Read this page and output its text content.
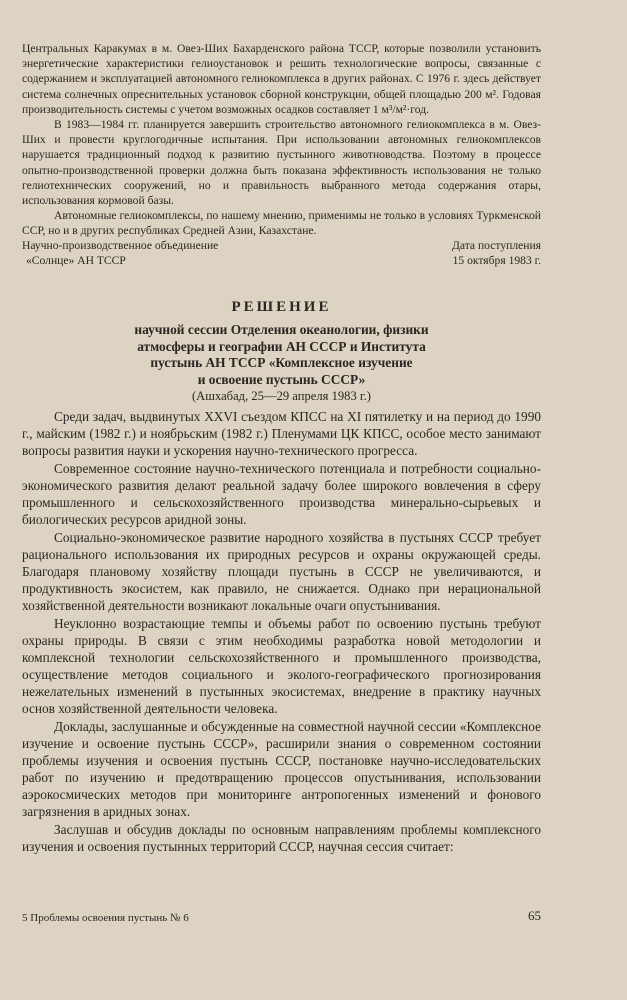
Центральных Каракумах в м. Овез-Ших Бахарденского района ТССР, которые позволили установить энергетические характеристики гелиоустановок и решить технологические вопросы, связанные с содержанием и эксплуатацией автономного гелиокомплекса в других районах. С 1976 г. здесь действует система солнечных опреснительных установок сборной конструкции, общей площадью 200 м². Годовая производительность системы с учетом возможных осадков составляет 1 м³/м²·год.

В 1983—1984 гг. планируется завершить строительство автономного гелиокомплекса в м. Овез-Ших и провести круглогодичные испытания. При использовании автономных гелиокомплексов нарушается традиционный подход к развитию пустынного животноводства. Поэтому в процессе опытно-производственной проверки должна быть показана эффективность использования не только гелиотехнических сооружений, но и правильность выбранного метода содержания отары, использования кормовой базы.

Автономные гелиокомплексы, по нашему мнению, применимы не только в условиях Туркменской ССР, но и в других республиках Средней Азии, Казахстане.

Научно-производственное объединение
«Солнце» АН ТССР
Дата поступления
15 октября 1983 г.
РЕШЕНИЕ
научной сессии Отделения океанологии, физики
атмосферы и географии АН СССР и Института
пустынь АН ТССР «Комплексное изучение
и освоение пустынь СССР»
(Ашхабад, 25—29 апреля 1983 г.)

Среди задач, выдвинутых XXVI съездом КПСС на XI пятилетку и на период до 1990 г., майским (1982 г.) и ноябрьским (1982 г.) Пленумами ЦК КПСС, особое место занимают вопросы развития науки и ускорения научно-технического прогресса.

Современное состояние научно-технического потенциала и потребности социально-экономического развития делают реальной задачу более широкого вовлечения в сферу промышленного и сельскохозяйственного производства минерально-сырьевых и биологических ресурсов аридной зоны.

Социально-экономическое развитие народного хозяйства в пустынях СССР требует рационального использования их природных ресурсов и охраны окружающей среды. Благодаря плановому хозяйству площади пустынь в СССР не увеличиваются, и продуктивность экосистем, как правило, не снижается. Однако при нерациональной хозяйственной деятельности возникают локальные очаги опустынивания.

Неуклонно возрастающие темпы и объемы работ по освоению пустынь требуют охраны природы. В связи с этим необходимы разработка новой методологии и комплексной технологии сельскохозяйственного и промышленного производства, осуществление методов социального и эколого-географического прогнозирования нежелательных изменений в пустынных экосистемах, внедрение в практику научных основ хозяйственной деятельности человека.

Доклады, заслушанные и обсужденные на совместной научной сессии «Комплексное изучение и освоение пустынь СССР», расширили знания о современном состоянии проблемы изучения и освоения пустынь СССР, постановке научно-исследовательских работ по изучению и предотвращению процессов опустынивания, использовании аэрокосмических методов при мониторинге антропогенных изменений и фонового загрязнения в аридных зонах.

Заслушав и обсудив доклады по основным направлениям проблемы комплексного изучения и освоения пустынных территорий СССР, научная сессия считает:

5 Проблемы освоения пустынь № 6	65
